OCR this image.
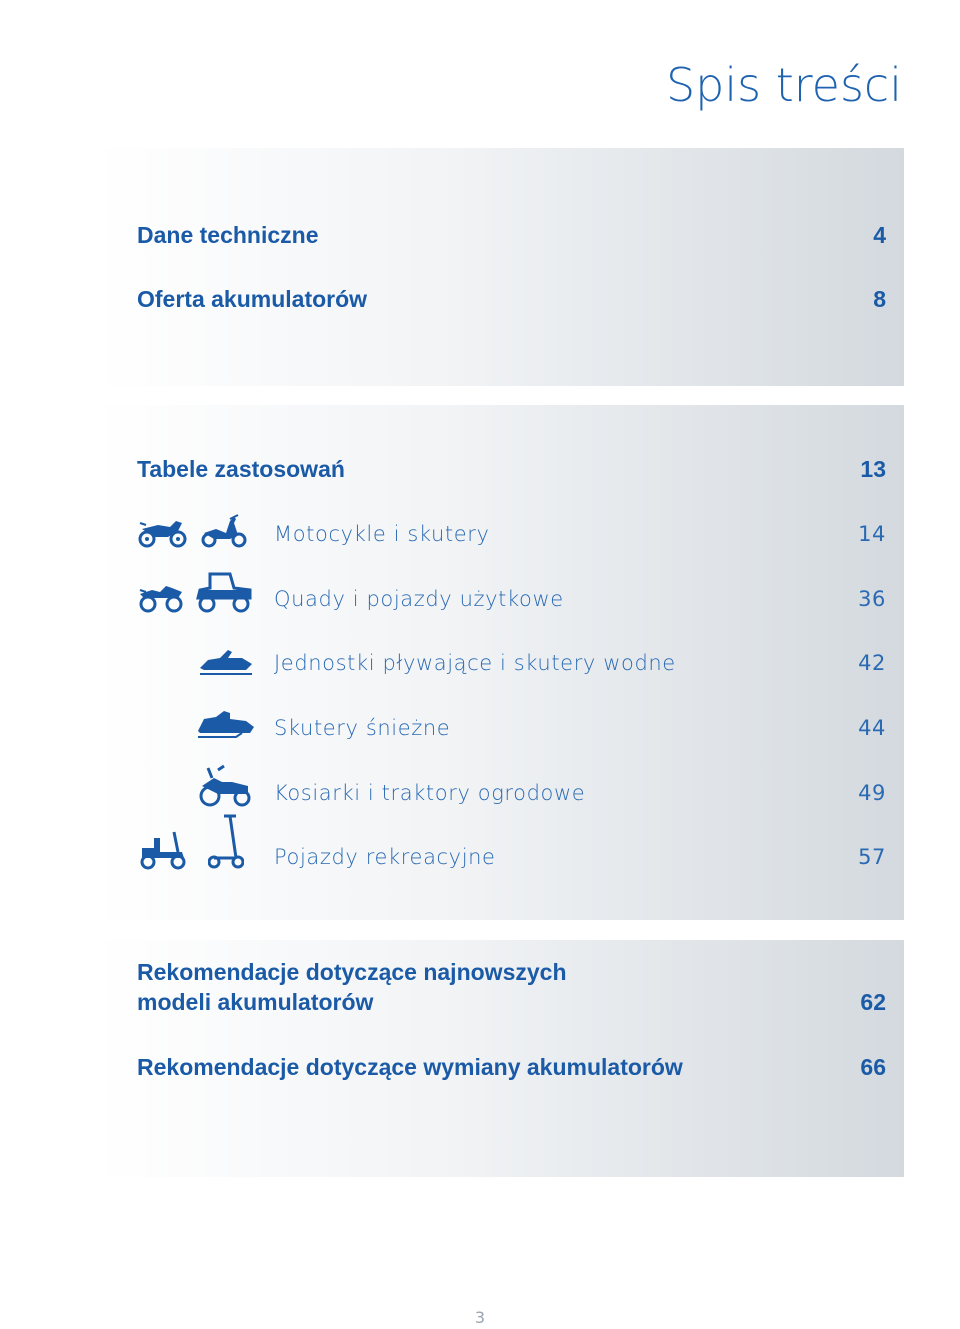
Spis treści
Dane techniczne	4
Oferta akumulatorów	8
Tabele zastosowań	13
Motocykle i skutery	14
Quady i pojazdy użytkowe	36
Jednostki pływające i skutery wodne	42
Skutery śnieżne	44
Kosiarki i traktory ogrodowe	49
Pojazdy rekreacyjne	57
Rekomendacje dotyczące najnowszych
modeli akumulatorów	62
Rekomendacje dotyczące wymiany akumulatorów	66
3
